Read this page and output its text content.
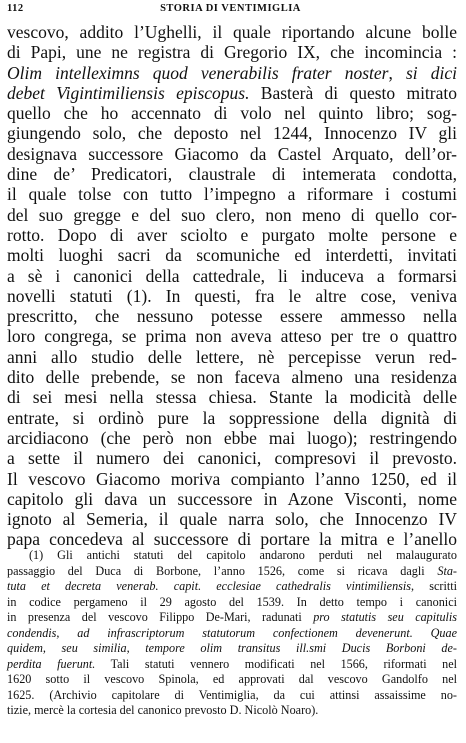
112	STORIA DI VENTIMIGLIA
vescovo, addito l’Ughelli, il quale riportando alcune bolle
di Papi, une ne registra di Gregorio IX, che incomincia :
Olim intelleximns quod venerabilis frater noster, si dici
debet Vigintimiliensis episcopus. Basterà di questo mitrato
quello che ho accennato di volo nel quinto libro; sog-
giungendo solo, che deposto nel 1244, Innocenzo IV gli
designava successore Giacomo da Castel Arquato, dell’or-
dine de’ Predicatori, claustrale di intemerata condotta,
il quale tolse con tutto l’impegno a riformare i costumi
del suo gregge e del suo clero, non meno di quello cor-
rotto. Dopo di aver sciolto e purgato molte persone e
molti luoghi sacri da scomuniche ed interdetti, invitati
a sè i canonici della cattedrale, li induceva a formarsi
novelli statuti (1). In questi, fra le altre cose, veniva
prescritto, che nessuno potesse essere ammesso nella
loro congrega, se prima non aveva atteso per tre o quattro
anni allo studio delle lettere, nè percepisse verun red-
dito delle prebende, se non faceva almeno una residenza
di sei mesi nella stessa chiesa. Stante la modicità delle
entrate, si ordinò pure la soppressione della dignità di
arcidiacono (che però non ebbe mai luogo); restringendo
a sette il numero dei canonici, compresovi il prevosto.
Il vescovo Giacomo moriva compianto l’anno 1250, ed il
capitolo gli dava un successore in Azone Visconti, nome
ignoto al Semeria, il quale narra solo, che Innocenzo IV
papa concedeva al successore di portare la mitra e l’anello
(1) Gli antichi statuti del capitolo andarono perduti nel malaugurato
passaggio del Duca di Borbone, l’anno 1526, come si ricava dagli Sta-
tuta et decreta venerab. capit. ecclesiae cathedralis vintimiliensis, scritti
in codice pergameno il 29 agosto del 1539. In detto tempo i canonici
in presenza del vescovo Filippo De-Mari, radunati pro statutis seu capitulis
condendis, ad infrascriptorum statutorum confectionem devenerunt. Quae
quidem, seu similia, tempore olim transitus ill.smi Ducis Borboni de-
perdita fuerunt. Tali statuti vennero modificati nel 1566, riformati nel
1620 sotto il vescovo Spinola, ed approvati dal vescovo Gandolfo nel
1625. (Archivio capitolare di Ventimiglia, da cui attinsi assaissime no-
tizie, mercè la cortesia del canonico prevosto D. Nicolò Noaro).
